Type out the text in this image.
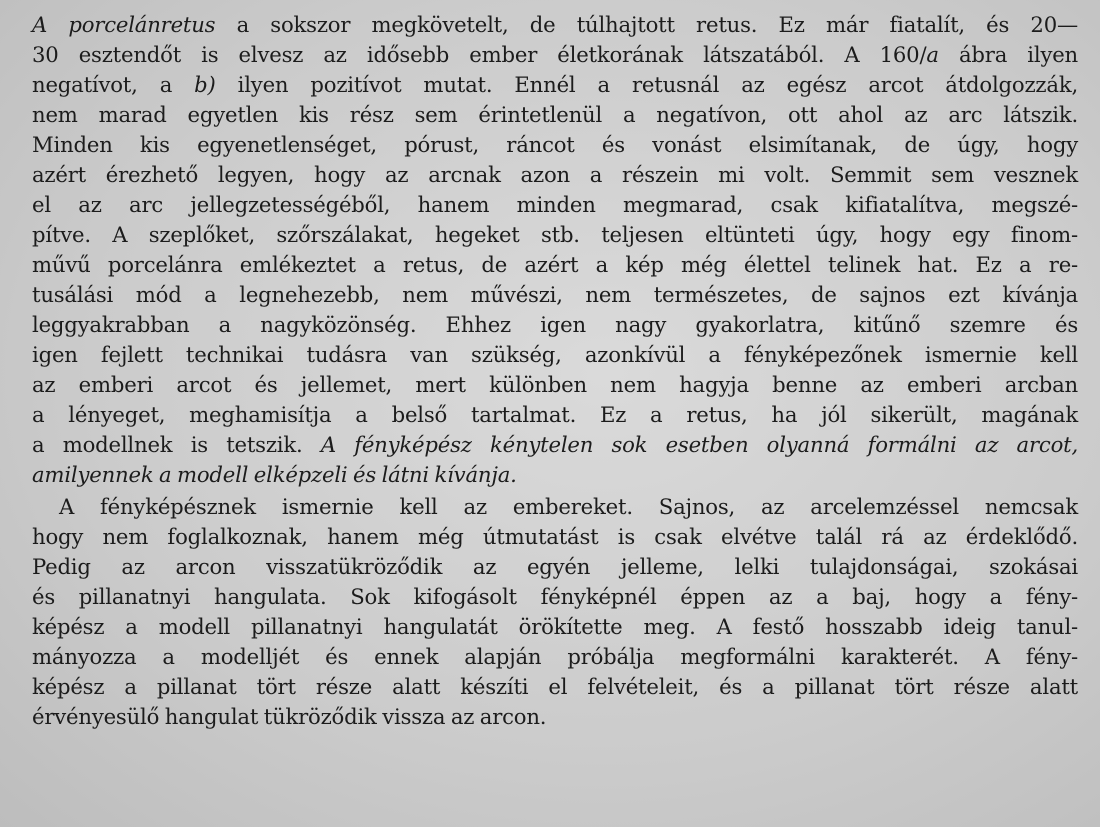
A porcelánretus a sokszor megkövetelt, de túlhajtott retus. Ez már fiatalít, és 20—
30 esztendőt is elvesz az idősebb ember életkorának látszatából. A 160/a ábra ilyen
negatívot, a b) ilyen pozitívot mutat. Ennél a retusnál az egész arcot átdolgozzák,
nem marad egyetlen kis rész sem érintetlenül a negatívon, ott ahol az arc látszik.
Minden kis egyenetlenséget, pórust, ráncot és vonást elsimítanak, de úgy, hogy
azért érezhető legyen, hogy az arcnak azon a részein mi volt. Semmit sem vesznek
el az arc jellegzetességéből, hanem minden megmarad, csak kifiatalítva, megszé-
pítve. A szeplőket, szőrszálakat, hegeket stb. teljesen eltünteti úgy, hogy egy finom-
művű porcelánra emlékeztet a retus, de azért a kép még élettel telinek hat. Ez a re-
tusálási mód a legnehezebb, nem művészi, nem természetes, de sajnos ezt kívánja
leggyakrabban a nagyközönség. Ehhez igen nagy gyakorlatra, kitűnő szemre és
igen fejlett technikai tudásra van szükség, azonkívül a fényképezőnek ismernie kell
az emberi arcot és jellemet, mert különben nem hagyja benne az emberi arcban
a lényeget, meghamisítja a belső tartalmat. Ez a retus, ha jól sikerült, magának
a modellnek is tetszik. A fényképész kénytelen sok esetben olyanná formálni az arcot,
amilyennek a modell elképzeli és látni kívánja.
A fényképésznek ismernie kell az embereket. Sajnos, az arcelemzéssel nemcsak
hogy nem foglalkoznak, hanem még útmutatást is csak elvétve talál rá az érdeklődő.
Pedig az arcon visszatükröződik az egyén jelleme, lelki tulajdonságai, szokásai
és pillanatnyi hangulata. Sok kifogásolt fényképnél éppen az a baj, hogy a fény-
képész a modell pillanatnyi hangulatát örökítette meg. A festő hosszabb ideig tanul-
mányozza a modelljét és ennek alapján próbálja megformálni karakterét. A fény-
képész a pillanat tört része alatt készíti el felvételeit, és a pillanat tört része alatt
érvényesülő hangulat tükröződik vissza az arcon.
